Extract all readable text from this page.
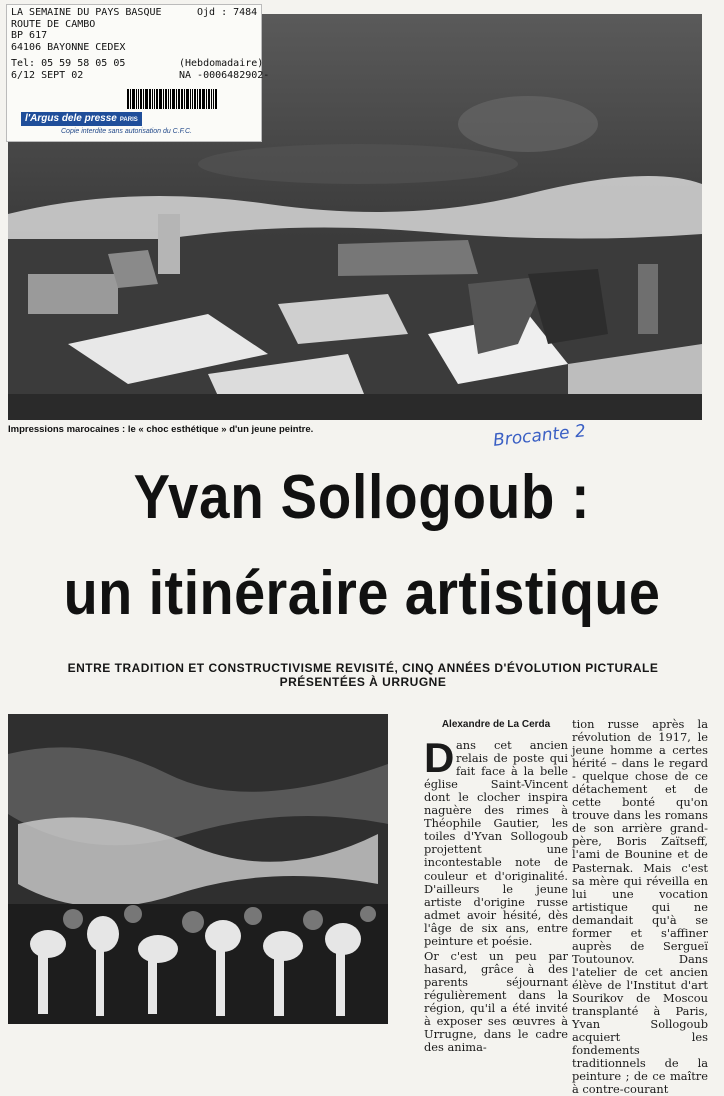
LA SEMAINE DU PAYS BASQUE
ROUTE DE CAMBO
BP 617
64106 BAYONNE CEDEX
Ojd : 7484
Tel: 05 59 58 05 05
6/12 SEPT 02
(Hebdomadaire)
NA -0006482902-
l'Argus dele presse PARIS
Copie interdite sans autorisation du C.F.C.
Impressions marocaines : le « choc esthétique » d'un jeune peintre.	Brocante 2
Yvan Sollogoub :
un itinéraire artistique
ENTRE TRADITION ET CONSTRUCTIVISME REVISITÉ, CINQ ANNÉES D'ÉVOLUTION PICTURALE PRÉSENTÉES À URRUGNE
Alexandre de La Cerda
D ans cet ancien relais de poste qui fait face à la belle église Saint-Vincent dont le clocher inspira naguère des rimes à Théophile Gautier, les toiles d'Yvan Sollogoub projettent une incontestable note de couleur et d'originalité. D'ailleurs le jeune artiste d'origine russe admet avoir hésité, dès l'âge de six ans, entre peinture et poésie.
Or c'est un peu par hasard, grâce à des parents séjournant régulièrement dans la région, qu'il a été invité à exposer ses œuvres à Urrugne, dans le cadre des anima-
tion russe après la révolution de 1917, le jeune homme a certes hérité – dans le regard - quelque chose de ce détachement et de cette bonté qu'on trouve dans les romans de son arrière grand-père, Boris Zaïtseff, l'ami de Bounine et de Pasternak. Mais c'est sa mère qui réveilla en lui une vocation artistique qui ne demandait qu'à se former et s'affiner auprès de Sergueï Toutounov. Dans l'atelier de cet ancien élève de l'Institut d'art Sourikov de Moscou transplanté à Paris, Yvan Sollogoub acquiert les fondements traditionnels de la peinture ; de ce maître à contre-courant
